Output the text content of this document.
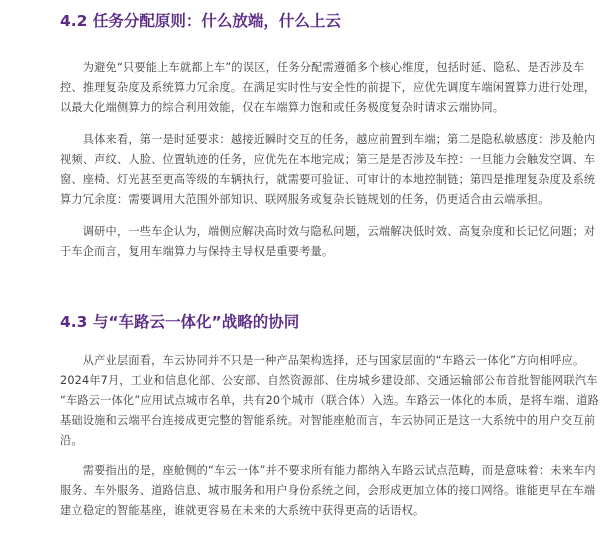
4.2 任务分配原则：什么放端，什么上云

　　为避免“只要能上车就都上车”的误区，任务分配需遵循多个核心维度，包括时延、隐私、是否涉及车
控、推理复杂度及系统算力冗余度。在满足实时性与安全性的前提下，应优先调度车端闲置算力进行处理，
以最大化端侧算力的综合利用效能，仅在车端算力饱和或任务极度复杂时请求云端协同。

　　具体来看，第一是时延要求：越接近瞬时交互的任务，越应前置到车端；第二是隐私敏感度：涉及舱内
视频、声纹、人脸、位置轨迹的任务，应优先在本地完成；第三是是否涉及车控：一旦能力会触发空调、车
窗、座椅、灯光甚至更高等级的车辆执行，就需要可验证、可审计的本地控制链；第四是推理复杂度及系统
算力冗余度：需要调用大范围外部知识、联网服务或复杂长链规划的任务，仍更适合由云端承担。

　　调研中，一些车企认为，端侧应解决高时效与隐私问题，云端解决低时效、高复杂度和长记忆问题；对
于车企而言，复用车端算力与保持主导权是重要考量。

4.3 与“车路云一体化”战略的协同

　　从产业层面看，车云协同并不只是一种产品架构选择，还与国家层面的“车路云一体化”方向相呼应。
2024年7月，工业和信息化部、公安部、自然资源部、住房城乡建设部、交通运输部公布首批智能网联汽车
“车路云一体化”应用试点城市名单，共有20个城市（联合体）入选。车路云一体化的本质，是将车端、道路
基础设施和云端平台连接成更完整的智能系统。对智能座舱而言，车云协同正是这一大系统中的用户交互前
沿。

　　需要指出的是，座舱侧的“车云一体”并不要求所有能力都纳入车路云试点范畴，而是意味着：未来车内
服务、车外服务、道路信息、城市服务和用户身份系统之间，会形成更加立体的接口网络。谁能更早在车端
建立稳定的智能基座，谁就更容易在未来的大系统中获得更高的话语权。
